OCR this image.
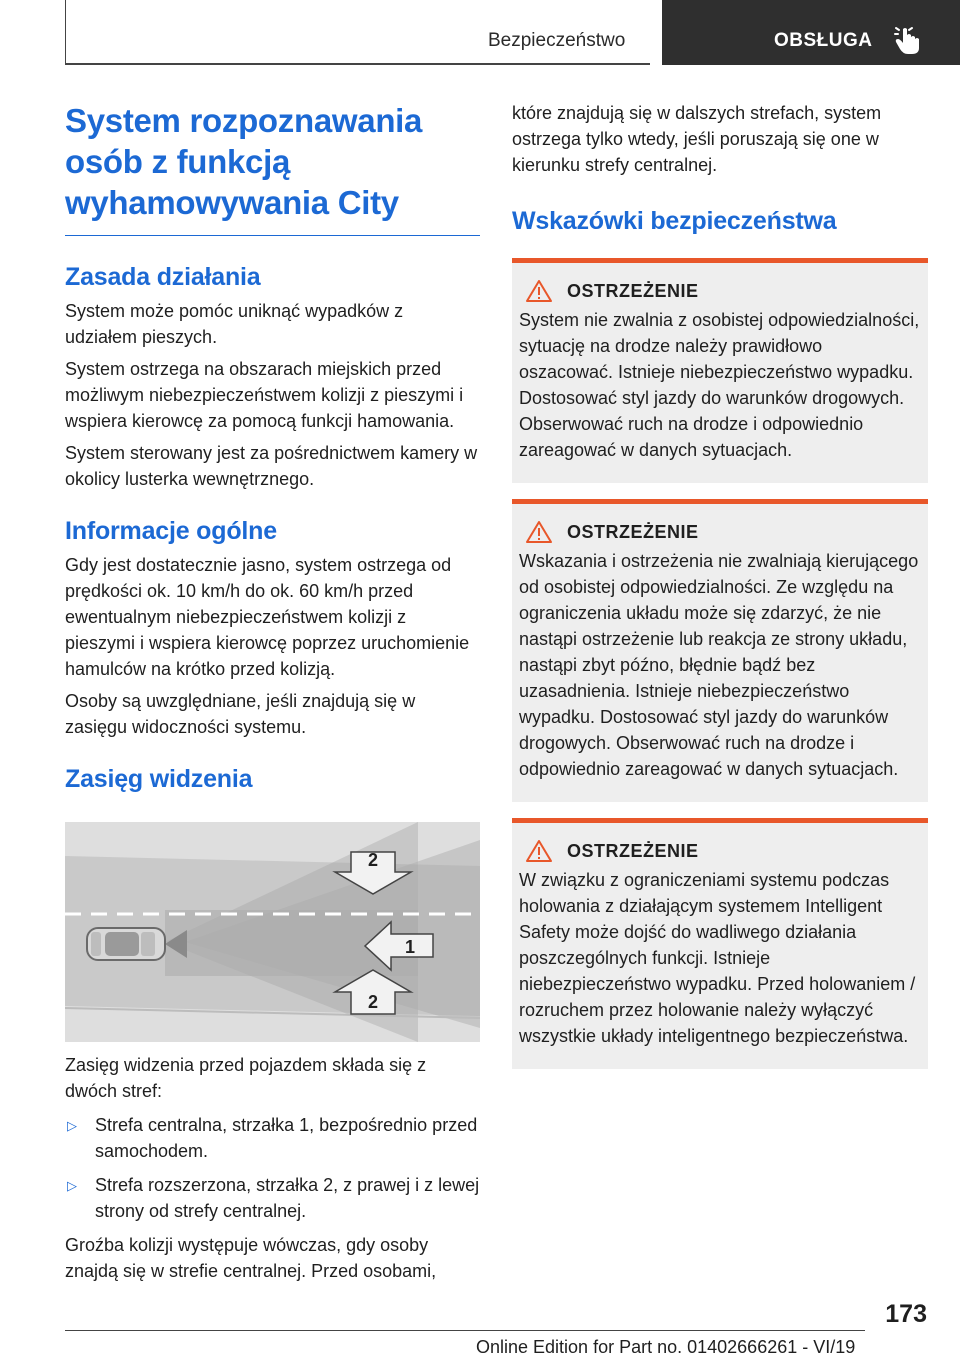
Bezpieczeństwo	OBSŁUGA
System rozpoznawania osób z funkcją wyhamowywania City
Zasada działania

System może pomóc uniknąć wypadków z udziałem pieszych.

System ostrzega na obszarach miejskich przed możliwym niebezpieczeństwem kolizji z pieszymi i wspiera kierowcę za pomocą funkcji hamowania.

System sterowany jest za pośrednictwem kamery w okolicy lusterka wewnętrznego.

Informacje ogólne

Gdy jest dostatecznie jasno, system ostrzega od prędkości ok. 10 km/h do ok. 60 km/h przed ewentualnym niebezpieczeństwem kolizji z pieszymi i wspiera kierowcę poprzez uruchomienie hamulców na krótko przed kolizją.

Osoby są uwzględniane, jeśli znajdują się w zasięgu widoczności systemu.

Zasięg widzenia
2
1
2

Zasięg widzenia przed pojazdem składa się z dwóch stref:

▷ Strefa centralna, strzałka 1, bezpośrednio przed samochodem.
▷ Strefa rozszerzona, strzałka 2, z prawej i z lewej strony od strefy centralnej.

Groźba kolizji występuje wówczas, gdy osoby znajdą się w strefie centralnej. Przed osobami,

które znajdują się w dalszych strefach, system ostrzega tylko wtedy, jeśli poruszają się one w kierunku strefy centralnej.

Wskazówki bezpieczeństwa
OSTRZEŻENIE

System nie zwalnia z osobistej odpowiedzialności, sytuację na drodze należy prawidłowo oszacować. Istnieje niebezpieczeństwo wypadku. Dostosować styl jazdy do warunków drogowych. Obserwować ruch na drodze i odpowiednio zareagować w danych sytuacjach.

OSTRZEŻENIE

Wskazania i ostrzeżenia nie zwalniają kierującego od osobistej odpowiedzialności. Ze względu na ograniczenia układu może się zdarzyć, że nie nastąpi ostrzeżenie lub reakcja ze strony układu, nastąpi zbyt późno, błędnie bądź bez uzasadnienia. Istnieje niebezpieczeństwo wypadku. Dostosować styl jazdy do warunków drogowych. Obserwować ruch na drodze i odpowiednio zareagować w danych sytuacjach.

OSTRZEŻENIE

W związku z ograniczeniami systemu podczas holowania z działającym systemem Intelligent Safety może dojść do wadliwego działania poszczególnych funkcji. Istnieje niebezpieczeństwo wypadku. Przed holowaniem / rozruchem przez holowanie należy wyłączyć wszystkie układy inteligentnego bezpieczeństwa.

173
Online Edition for Part no. 01402666261 - VI/19
